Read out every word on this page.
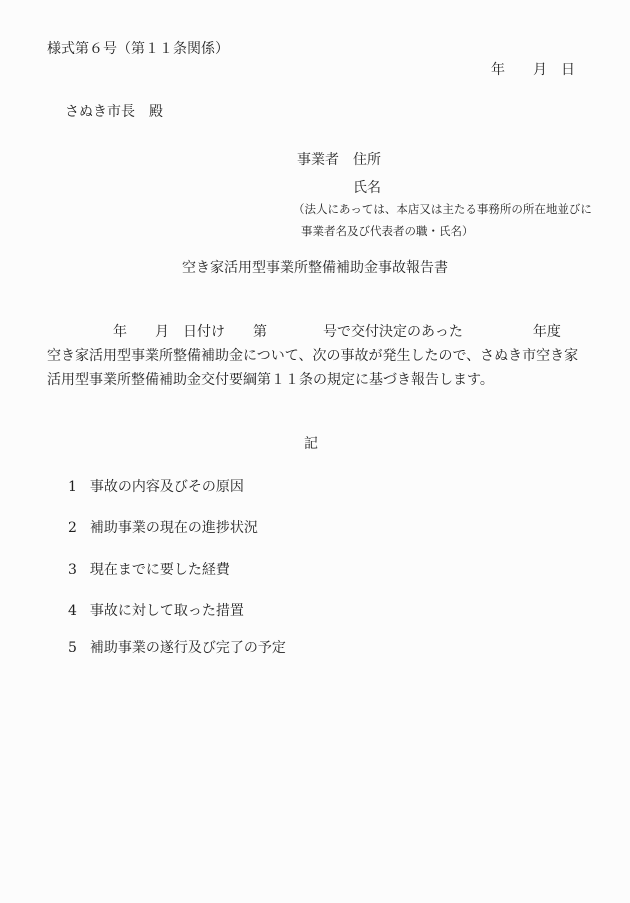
様式第６号（第１１条関係）
年　　月　日
さぬき市長　殿
事業者　住所
氏名
（法人にあっては、本店又は主たる事務所の所在地並びに
事業者名及び代表者の職・氏名）
空き家活用型事業所整備補助金事故報告書
年　　月　日付け　　第　　　　号で交付決定のあった　　　　　年度
空き家活用型事業所整備補助金について、次の事故が発生したので、さぬき市空き家
活用型事業所整備補助金交付要綱第１１条の規定に基づき報告します。
記
1 事故の内容及びその原因
2 補助事業の現在の進捗状況
3 現在までに要した経費
4 事故に対して取った措置
5 補助事業の遂行及び完了の予定
